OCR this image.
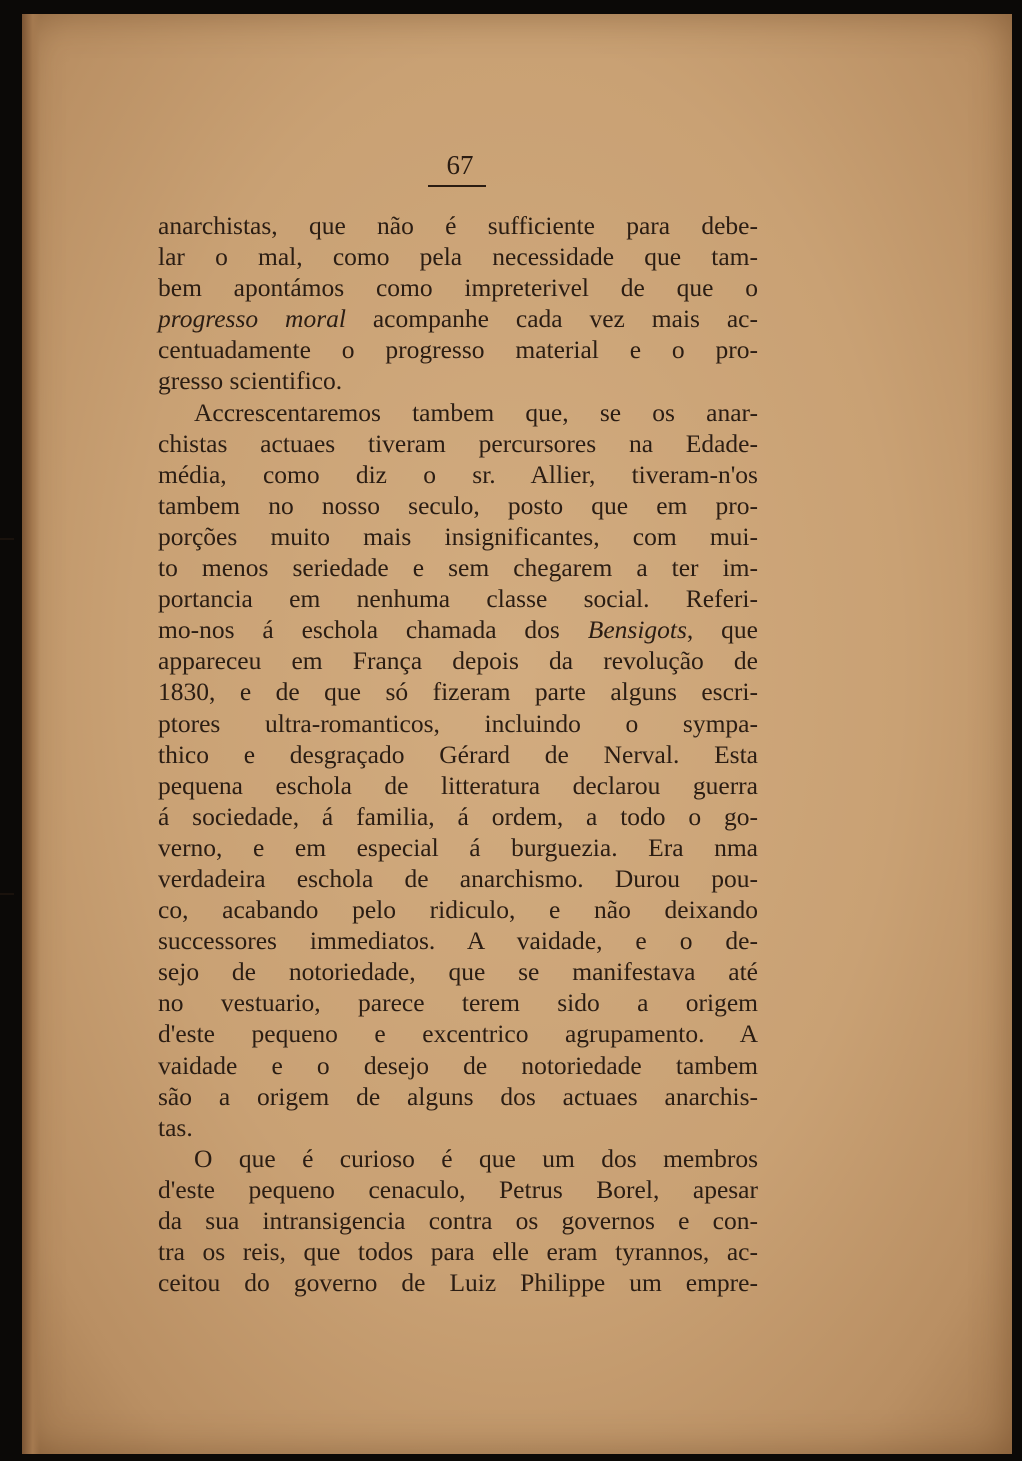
67
anarchistas, que não é sufficiente para debe-
lar o mal, como pela necessidade que tam-
bem apontámos como impreterivel de que o
progresso moral acompanhe cada vez mais ac-
centuadamente o progresso material e o pro-
gresso scientifico.
Accrescentaremos tambem que, se os anar-
chistas actuaes tiveram percursores na Edade-
média, como diz o sr. Allier, tiveram-n'os
tambem no nosso seculo, posto que em pro-
porções muito mais insignificantes, com mui-
to menos seriedade e sem chegarem a ter im-
portancia em nenhuma classe social. Referi-
mo-nos á eschola chamada dos Bensigots, que
appareceu em França depois da revolução de
1830, e de que só fizeram parte alguns escri-
ptores ultra-romanticos, incluindo o sympa-
thico e desgraçado Gérard de Nerval. Esta
pequena eschola de litteratura declarou guerra
á sociedade, á familia, á ordem, a todo o go-
verno, e em especial á burguezia. Era nma
verdadeira eschola de anarchismo. Durou pou-
co, acabando pelo ridiculo, e não deixando
successores immediatos. A vaidade, e o de-
sejo de notoriedade, que se manifestava até
no vestuario, parece terem sido a origem
d'este pequeno e excentrico agrupamento. A
vaidade e o desejo de notoriedade tambem
são a origem de alguns dos actuaes anarchis-
tas.
O que é curioso é que um dos membros
d'este pequeno cenaculo, Petrus Borel, apesar
da sua intransigencia contra os governos e con-
tra os reis, que todos para elle eram tyrannos, ac-
ceitou do governo de Luiz Philippe um empre-
